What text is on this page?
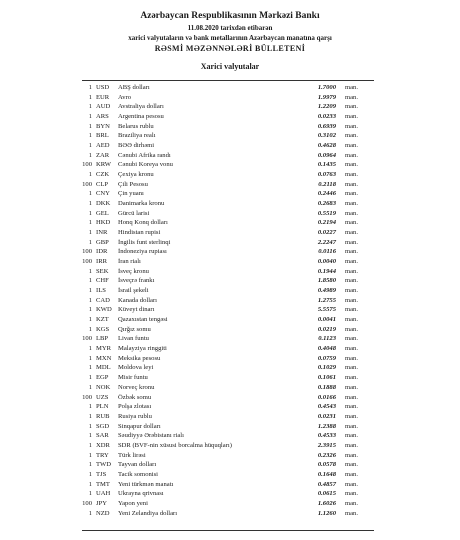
Azərbaycan Respublikasının Mərkəzi Bankı
11.08.2020 tarixdən etibarən
xarici valyutaların və bank metallarının Azərbaycan manatına qarşı
RƏSMİ MƏZƏNNƏLƏRİ BÜLLETENİ
Xarici valyutalar
1 USD ABŞ dolları	1.7000 man.
1 EUR Avro	1.9979 man.
1 AUD Avstraliya dolları	1.2209 man.
1 ARS Argentina pesosu	0.0233 man.
1 BYN Belarus rublu	0.6939 man.
1 BRL Braziliya realı	0.3102 man.
1 AED BƏƏ dirhəmi	0.4628 man.
1 ZAR Cənubi Afrika randı	0.0964 man.
100 KRW Cənubi Koreya vonu	0.1435 man.
1 CZK Çexiya kronu	0.0763 man.
100 CLP Çili Pesosu	0.2118 man.
1 CNY Çin yuanı	0.2446 man.
1 DKK Danimarka kronu	0.2683 man.
1 GEL Gürcü larisi	0.5519 man.
1 HKD Honq Konq dolları	0.2194 man.
1 INR Hindistan rupisi	0.0227 man.
1 GBP İngilis funt sterlinqi	2.2247 man.
100 IDR İndoneziya rupiası	0.0116 man.
100 IRR İran rialı	0.0040 man.
1 SEK İsveç kronu	0.1944 man.
1 CHF İsveçrə frankı	1.8580 man.
1 ILS İsrail şekeli	0.4989 man.
1 CAD Kanada dolları	1.2755 man.
1 KWD Küveyt dinarı	5.5575 man.
1 KZT Qazaxıstan tengəsi	0.0041 man.
1 KGS Qırğız somu	0.0219 man.
100 LBP Livan funtu	0.1123 man.
1 MYR Malayziya ringgiti	0.4048 man.
1 MXN Meksika pesosu	0.0759 man.
1 MDL Moldova leyi	0.1029 man.
1 EGP Misir funtu	0.1061 man.
1 NOK Norveç kronu	0.1888 man.
100 UZS Özbək somu	0.0166 man.
1 PLN Polşa zlotası	0.4543 man.
1 RUB Rusiya rublu	0.0231 man.
1 SGD Sinqapur dolları	1.2388 man.
1 SAR Səudiyyə Ərəbistanı rialı	0.4533 man.
1 XDR SDR (BVF-nin xüsusi borcalma hüquqları)	2.3915 man.
1 TRY Türk lirəsi	0.2326 man.
1 TWD Tayvan dolları	0.0578 man.
1 TJS Tacik somonisi	0.1648 man.
1 TMT Yeni türkmən manatı	0.4857 man.
1 UAH Ukrayna qrivnası	0.0615 man.
100 JPY Yapon yeni	1.6026 man.
1 NZD Yeni Zelandiya dolları	1.1260 man.
